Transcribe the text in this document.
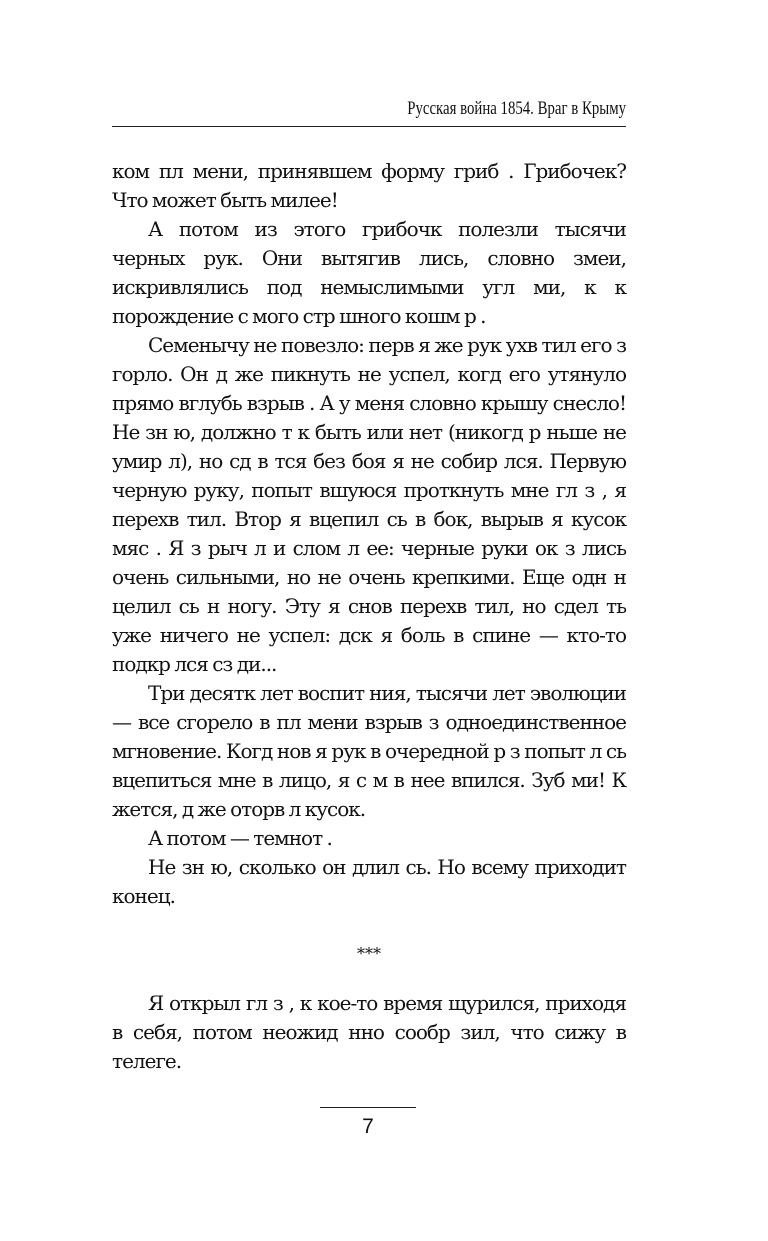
Русская война 1854. Враг в Крыму

ком пл мени, принявшем форму гриб . Грибочек? Что может быть милее!

А потом из этого грибочк полезли тысячи черных рук. Они вытягив лись, словно змеи, искривлялись под немыслимыми угл ми, к к порождение с мого стр шного кошм р .

Семенычу не повезло: перв я же рук ухв тил его з горло. Он д же пикнуть не успел, когд его утянуло прямо вглубь взрыв . А у меня словно крышу снесло! Не зн ю, должно т к быть или нет (никогд р ньше не умир л), но сд в тся без боя я не собир лся. Первую черную руку, попыт вшуюся проткнуть мне гл з , я перехв тил. Втор я вцепил сь в бок, вырыв я кусок мяс . Я з рыч л и слом л ее: черные руки ок з лись очень сильными, но не очень крепкими. Еще одн н целил сь н ногу. Эту я снов перехв тил, но сдел ть уже ничего не успел: дск я боль в спине — кто-то подкр лся сз ди...

Три десятк лет воспит ния, тысячи лет эволюции — все сгорело в пл мени взрыв з одноединственное мгновение. Когд нов я рук в очередной р з попыт л сь вцепиться мне в лицо, я с м в нее впился. Зуб ми! К жется, д же оторв л кусок.

А потом — темнот .

Не зн ю, сколько он длил сь. Но всему приходит конец.

***

Я открыл гл з , к кое-то время щурился, приходя в себя, потом неожид нно сообр зил, что сижу в телеге.

7
